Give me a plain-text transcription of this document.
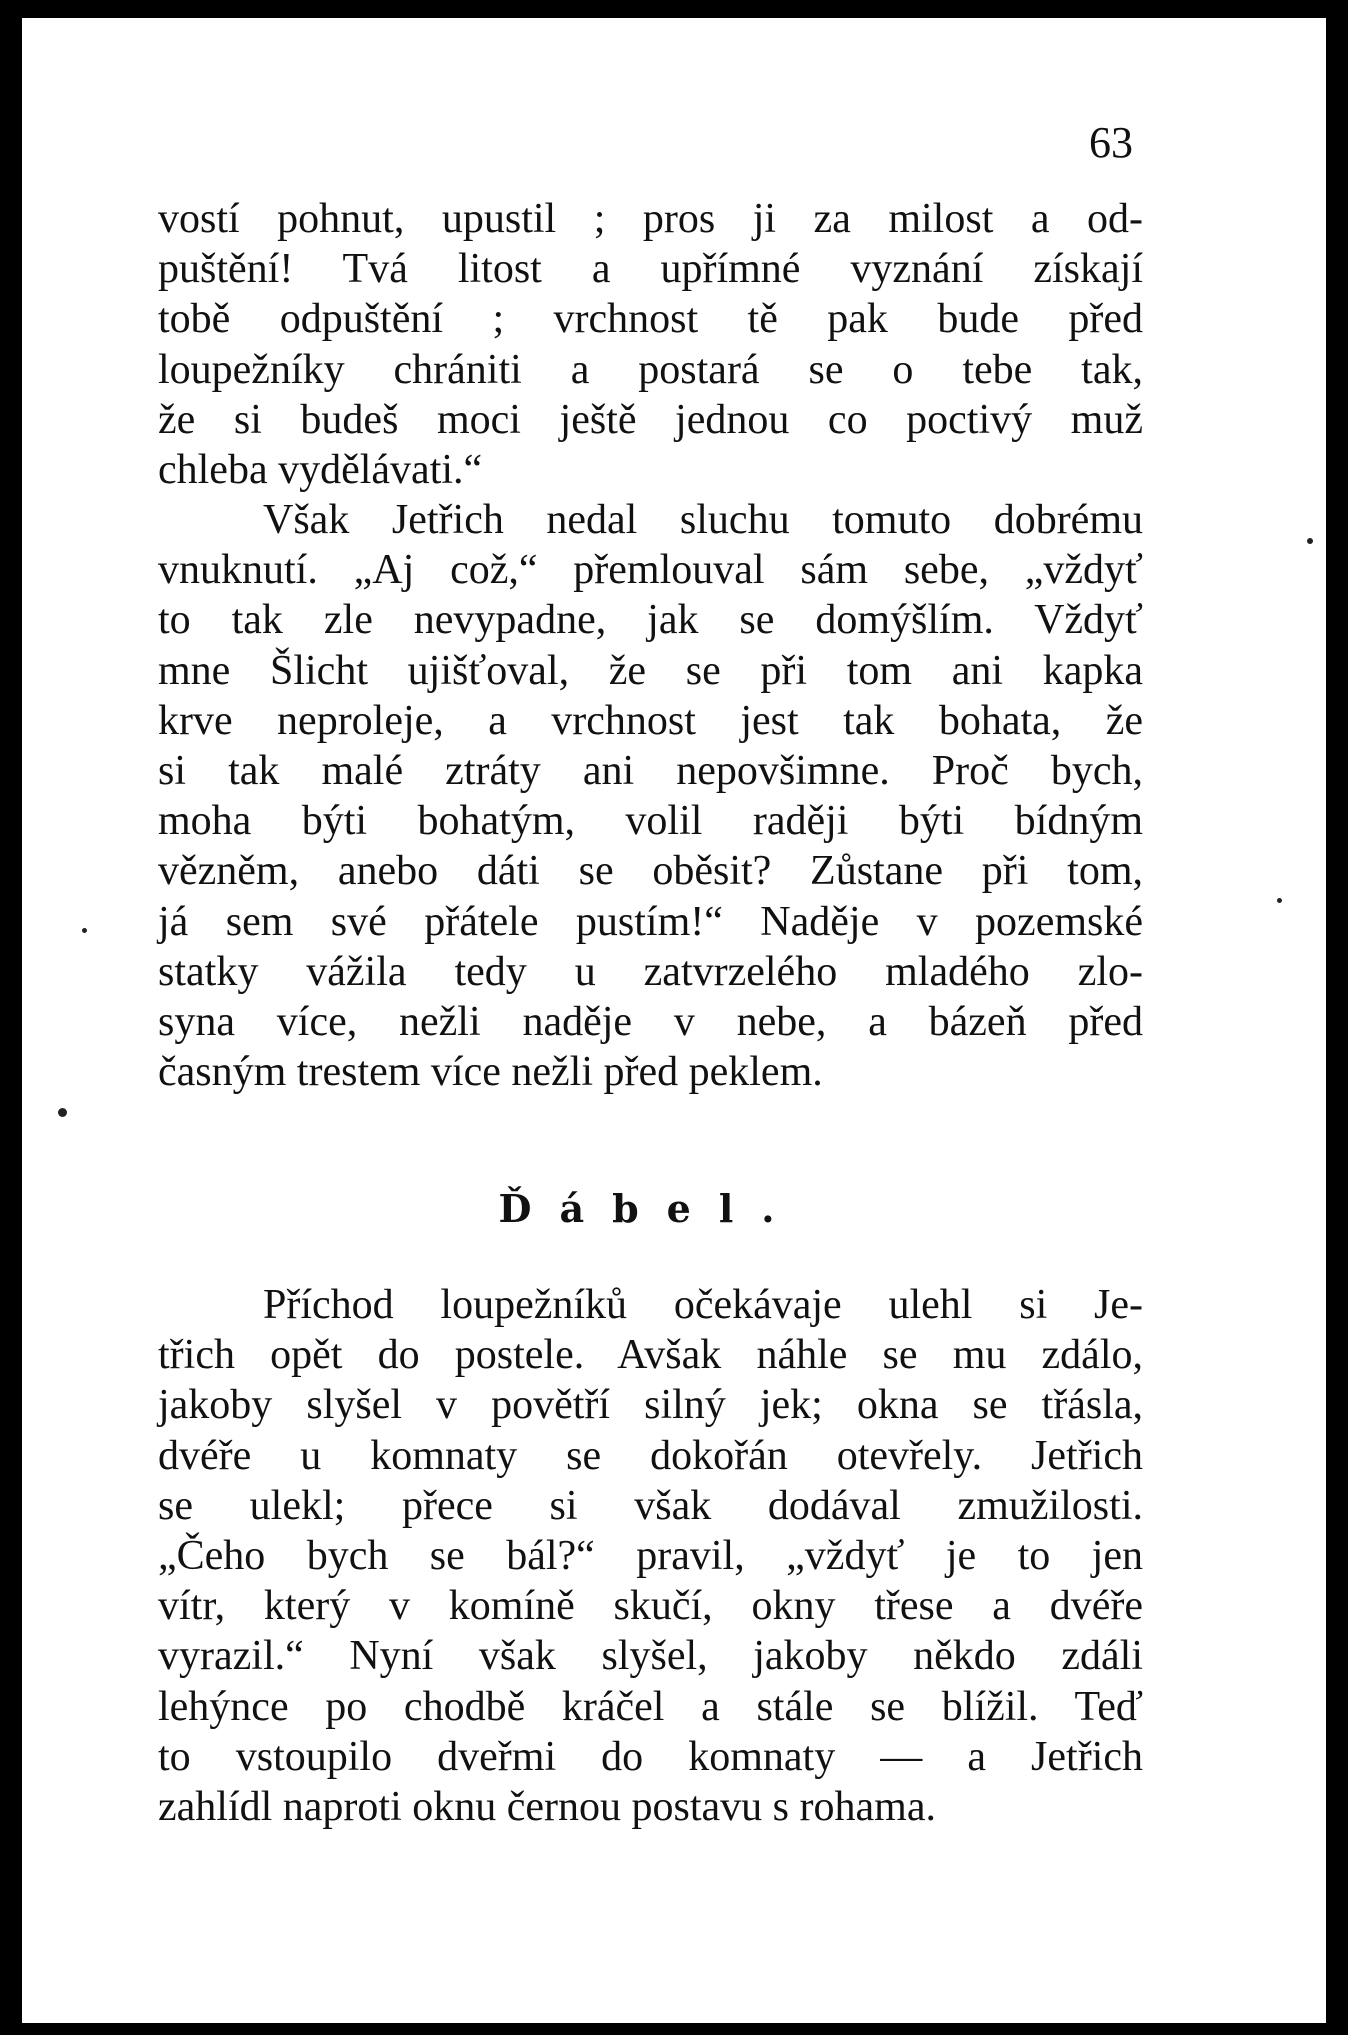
63
vostí pohnut, upustil ; pros ji za milost a od-
puštění! Tvá litost a upřímné vyznání získají
tobě odpuštění ; vrchnost tě pak bude před
loupežníky chrániti a postará se o tebe tak,
že si budeš moci ještě jednou co poctivý muž
chleba vydělávati.“
Však Jetřich nedal sluchu tomuto dobrému
vnuknutí. „Aj což,“ přemlouval sám sebe, „vždyť
to tak zle nevypadne, jak se domýšlím. Vždyť
mne Šlicht ujišťoval, že se při tom ani kapka
krve neproleje, a vrchnost jest tak bohata, že
si tak malé ztráty ani nepovšimne. Proč bych,
moha býti bohatým, volil raději býti bídným
vězněm, anebo dáti se oběsit? Zůstane při tom,
já sem své přátele pustím!“ Naděje v pozemské
statky vážila tedy u zatvrzelého mladého zlo-
syna více, nežli naděje v nebe, a bázeň před
časným trestem více nežli před peklem.
Ďábel.
Příchod loupežníků očekávaje ulehl si Je-
třich opět do postele. Avšak náhle se mu zdálo,
jakoby slyšel v povětří silný jek; okna se třásla,
dvéře u komnaty se dokořán otevřely. Jetřich
se ulekl; přece si však dodával zmužilosti.
„Čeho bych se bál?“ pravil, „vždyť je to jen
vítr, který v komíně skučí, okny třese a dvéře
vyrazil.“ Nyní však slyšel, jakoby někdo zdáli
lehýnce po chodbě kráčel a stále se blížil. Teď
to vstoupilo dveřmi do komnaty — a Jetřich
zahlídl naproti oknu černou postavu s rohama.
